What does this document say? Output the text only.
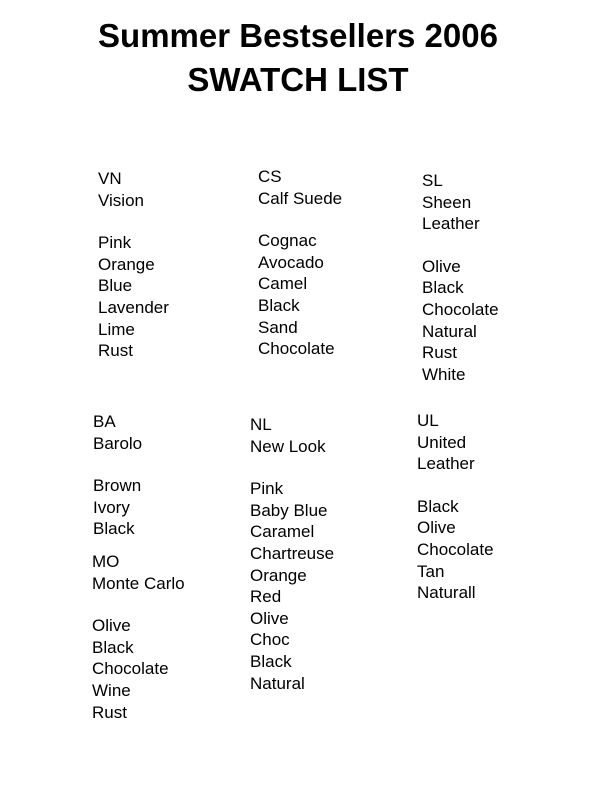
Summer Bestsellers 2006
SWATCH LIST
VN
Vision
Pink
Orange
Blue
Lavender
Lime
Rust
CS
Calf Suede
Cognac
Avocado
Camel
Black
Sand
Chocolate
SL
Sheen
Leather
Olive
Black
Chocolate
Natural
Rust
White
BA
Barolo
Brown
Ivory
Black
MO
Monte Carlo
Olive
Black
Chocolate
Wine
Rust
NL
New Look
Pink
Baby Blue
Caramel
Chartreuse
Orange
Red
Olive
Choc
Black
Natural
UL
United
Leather
Black
Olive
Chocolate
Tan
Naturall
